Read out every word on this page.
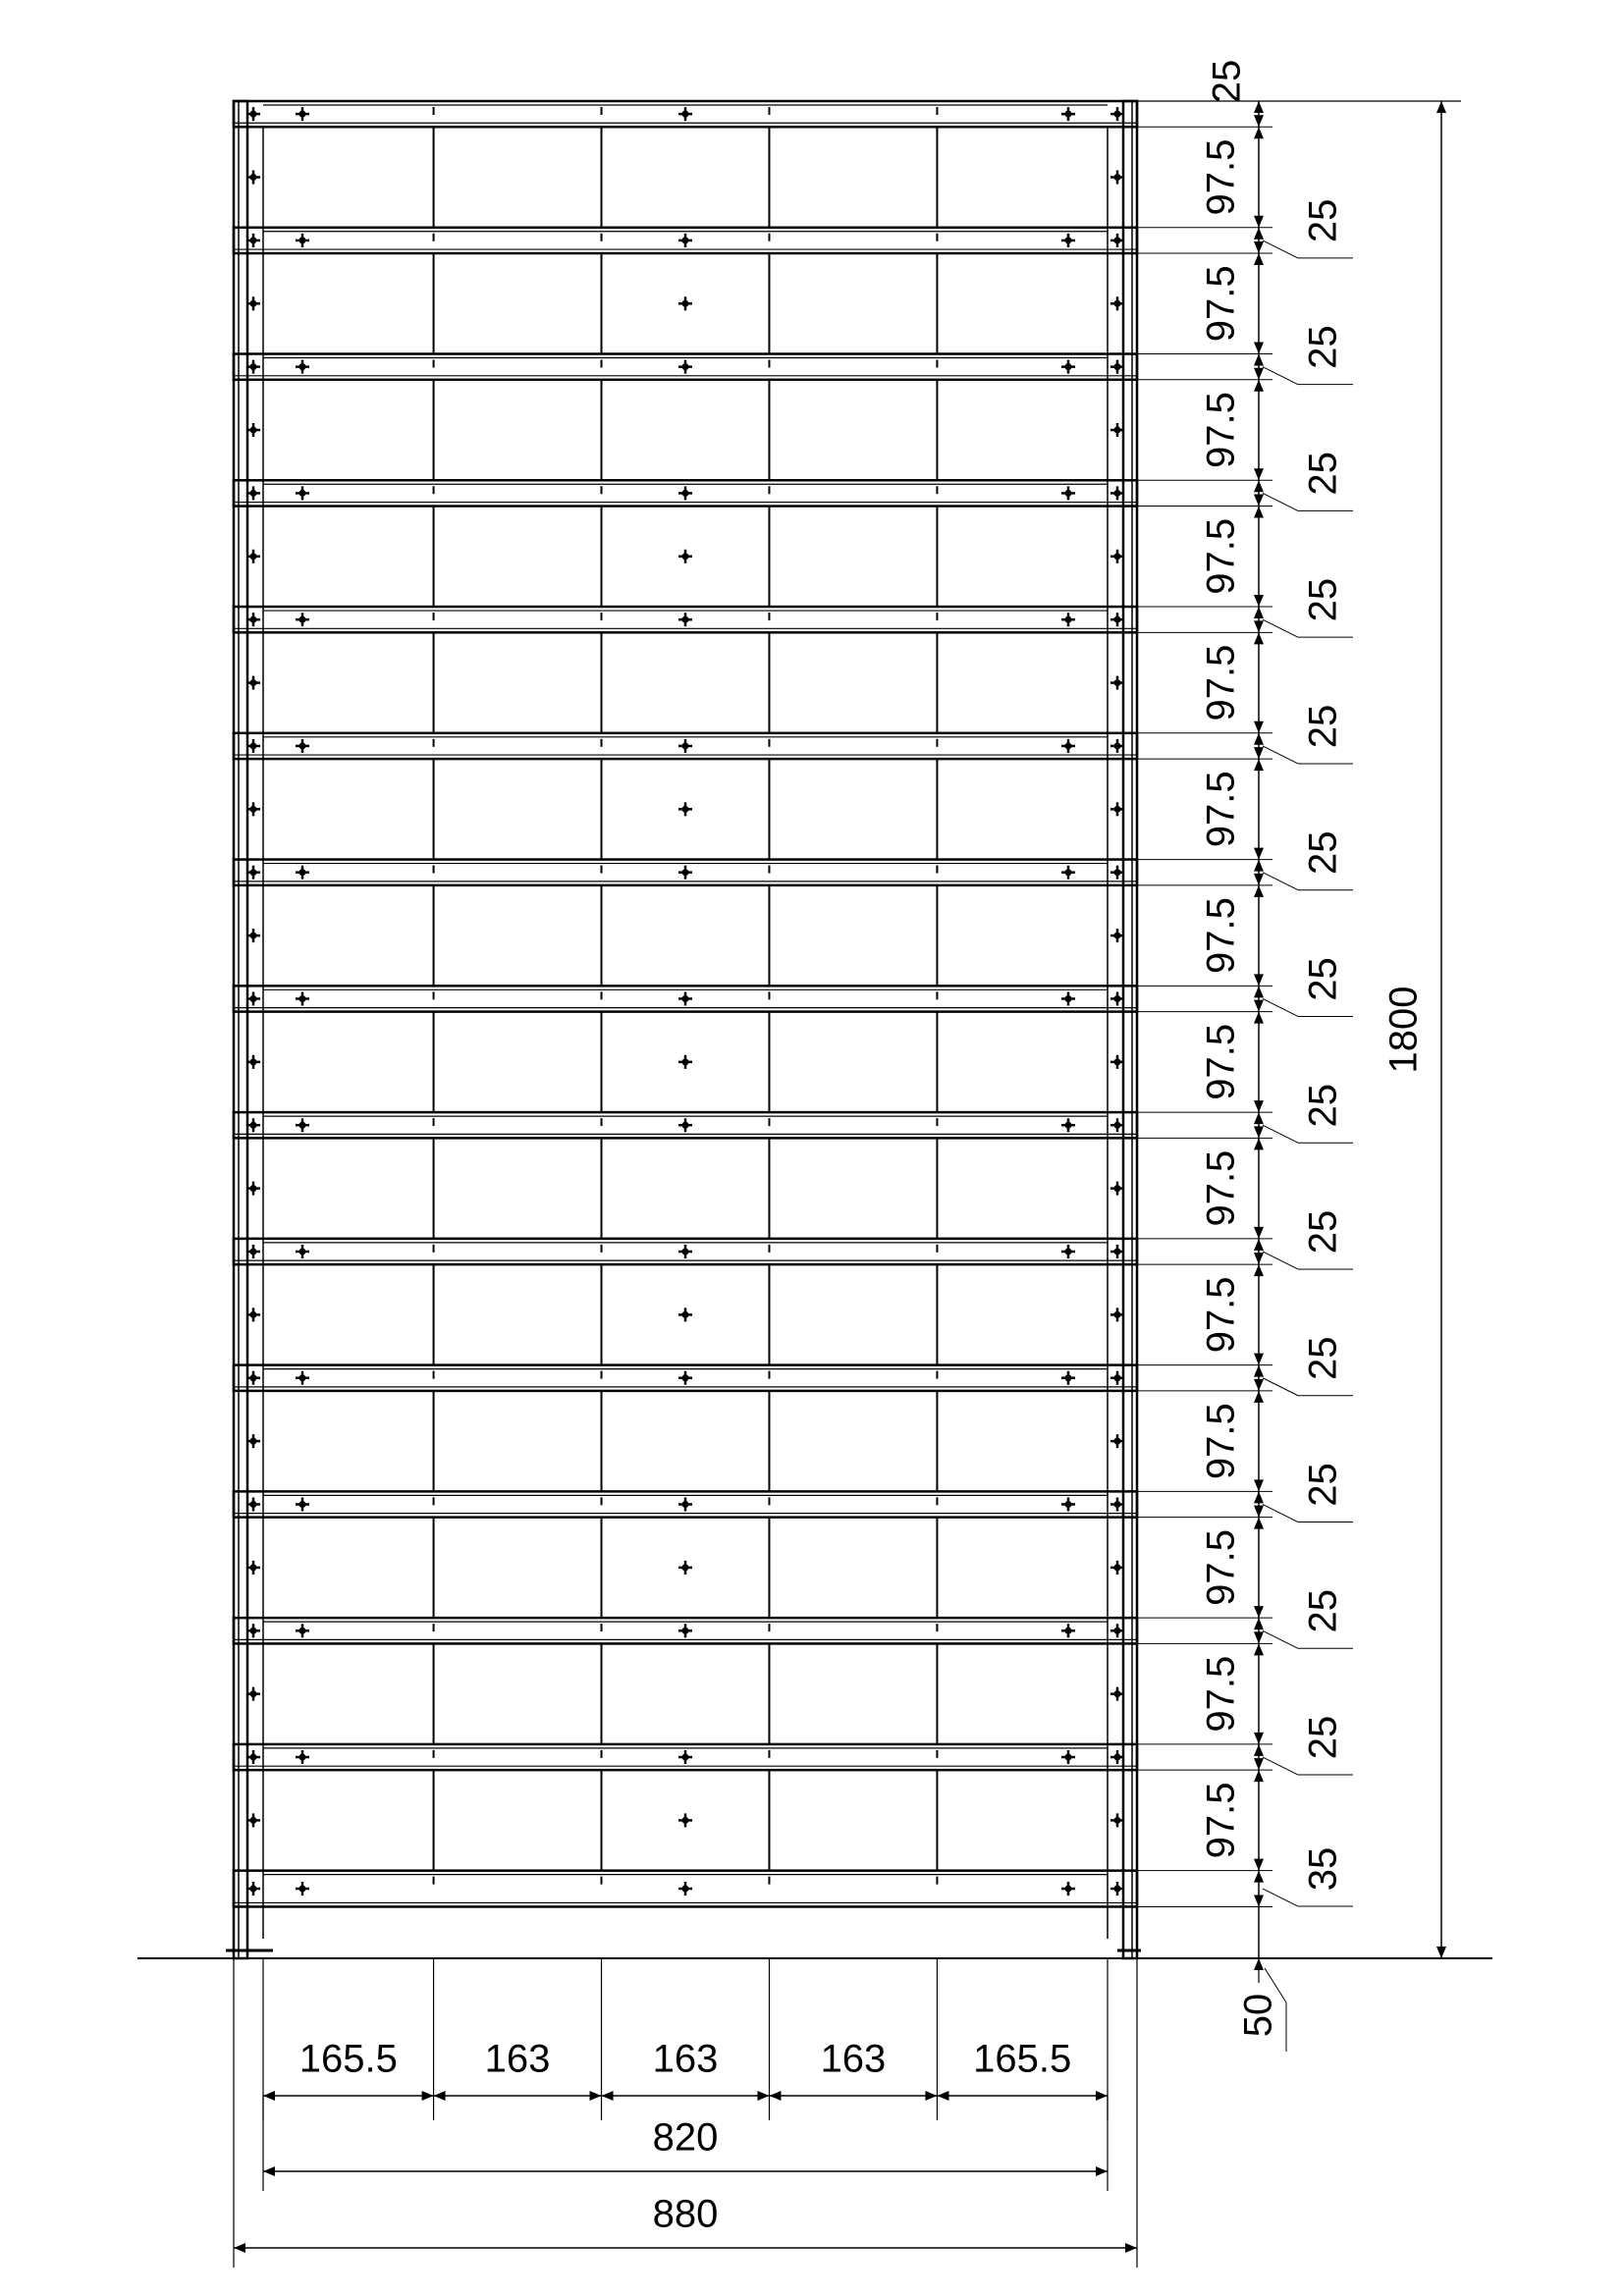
165.5 163	163	163 165.5
820
880
1800
97.5
97.5
97.5
97.5
97.5
97.5
97.5
97.5
97.5
97.5
97.5
97.5
97.5
97.5
25
25
25
25
25
25
25
25
25
25
25
25
25
25
35
50
